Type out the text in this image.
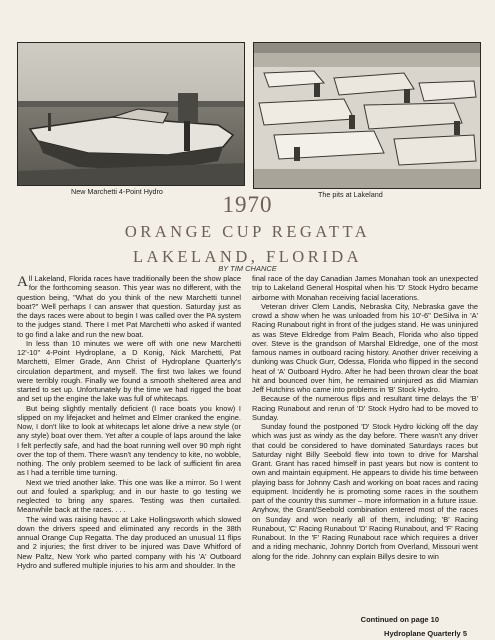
New Marchetti 4-Point Hydro	The pits at Lakeland
1970
ORANGE CUP REGATTA
LAKELAND, FLORIDA
BY TIM CHANCE

All Lakeland, Florida races have traditionally been the show place for the forthcoming season. This year was no different, with the question being, "What do you think of the new Marchetti tunnel boat?" Well perhaps I can answer that question. Saturday just as the days races were about to begin I was called over the PA system to the judges stand. There I met Pat Marchetti who asked if wanted to go find a lake and run the new boat.

In less than 10 minutes we were off with one new Marchetti 12'-10" 4-Point Hydroplane, a D Konig, Nick Marchetti, Pat Marchetti, Elmer Grade, Ann Christ of Hydroplane Quarterly's circulation department, and myself. The first two lakes we found were terribly rough. Finally we found a smooth sheltered area and started to set up. Unfortunately by the time we had rigged the boat and set up the engine the lake was full of whitecaps.

But being slightly mentally deficient (I race boats you know) I slipped on my lifejacket and helmet and Elmer cranked the engine. Now, I don't like to look at whitecaps let alone drive a new style (or any style) boat over them. Yet after a couple of laps around the lake I felt perfectly safe, and had the boat running well over 90 mph right over the top of them. There wasn't any tendency to kite, no wobble, nothing. The only problem seemed to be lack of sufficient fin area as I had a terrible time turning.

Next we tried another lake. This one was like a mirror. So I went out and fouled a sparkplug; and in our haste to go testing we neglected to bring any spares. Testing was then curtailed. Meanwhile back at the races. . . .

The wind was raising havoc at Lake Hollingsworth which slowed down the drivers speed and eliminated any records in the 38th annual Orange Cup Regatta. The day produced an unusual 11 flips and 2 injuries; the first driver to be injured was Dave Whitford of New Paltz, New York who parted company with his 'A' Outboard Hydro and suffered multiple injuries to his arm and shoulder. In the

final race of the day Canadian James Monahan took an unexpected trip to Lakeland General Hospital when his 'D' Stock Hydro became airborne with Monahan receiving facial lacerations.

Veteran driver Clem Landis, Nebraska City, Nebraska gave the crowd a show when he was unloaded from his 10'-6" DeSilva in 'A' Racing Runabout right in front of the judges stand. He was uninjured as was Steve Eldredge from Palm Beach, Florida who also tipped over. Steve is the grandson of Marshal Eldredge, one of the most famous names in outboard racing history. Another driver receiving a dunking was Chuck Gurr, Odessa, Florida who flipped in the second heat of 'A' Outboard Hydro. After he had been thrown clear the boat hit and bounced over him, he remained uninjured as did Miamian Jeff Hutchins who came into problems in 'B' Stock Hydro.

Because of the numerous flips and resultant time delays the 'B' Racing Runabout and rerun of 'D' Stock Hydro had to be moved to Sunday.

Sunday found the postponed 'D' Stock Hydro kicking off the day which was just as windy as the day before. There wasn't any driver that could be considered to have dominated Saturdays races but Saturday night Billy Seebold flew into town to drive for Marshal Grant. Grant has raced himself in past years but now is content to own and maintain equipment. He appears to divide his time between playing bass for Johnny Cash and working on boat races and racing equipment. Incidently he is promoting some races in the southern part of the country this summer – more information in a future issue. Anyhow, the Grant/Seebold combination entered most of the races on Sunday and won nearly all of them, including; 'B' Racing Runabout, 'C' Racing Runabout 'D' Racing Runabout, and 'F' Racing Runabout. In the 'F' Racing Runabout race which requires a driver and a riding mechanic, Johnny Dortch from Overland, Missouri went along for the ride. Johnny can explain Billys desire to win

Continued on page 10
Hydroplane Quarterly 5
